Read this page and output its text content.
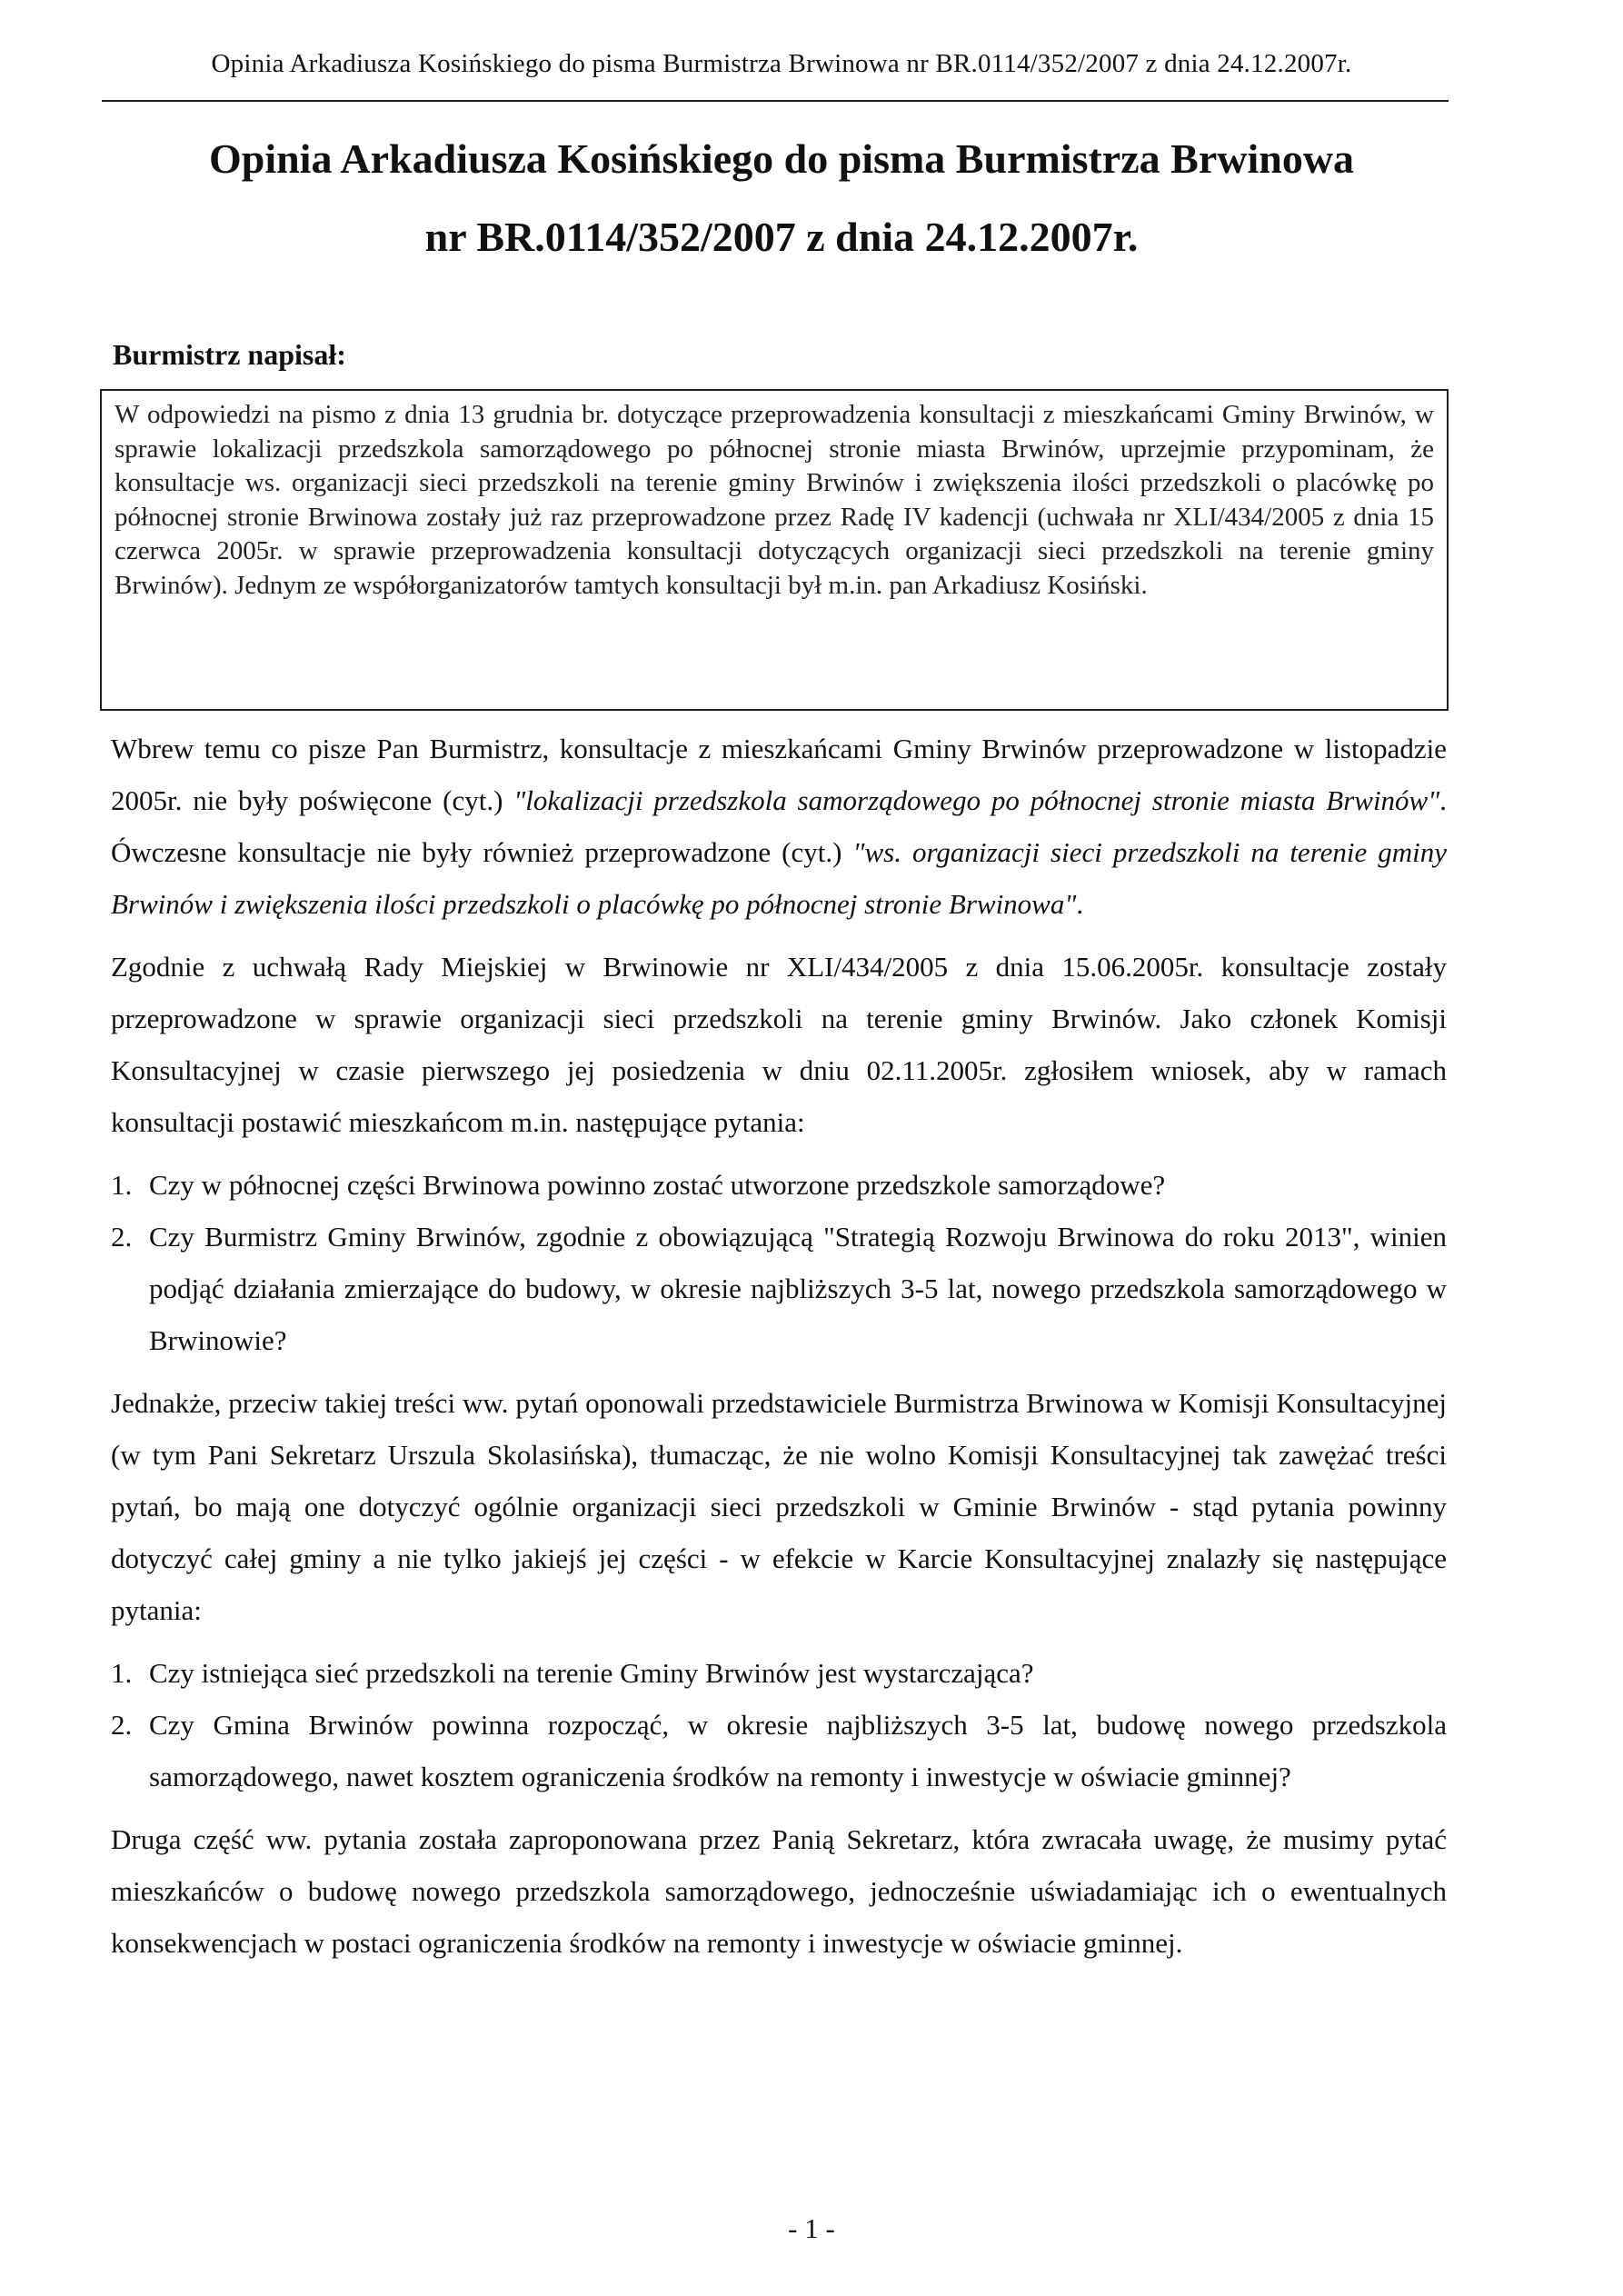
Opinia Arkadiusza Kosińskiego do pisma Burmistrza Brwinowa nr BR.0114/352/2007 z dnia 24.12.2007r.
Opinia Arkadiusza Kosińskiego do pisma Burmistrza Brwinowa
nr BR.0114/352/2007 z dnia 24.12.2007r.
Burmistrz napisał:
W odpowiedzi na pismo z dnia 13 grudnia br. dotyczące przeprowadzenia konsultacji z mieszkańcami Gminy Brwinów, w sprawie lokalizacji przedszkola samorządowego po północnej stronie miasta Brwinów, uprzejmie przypominam, że konsultacje ws. organizacji sieci przedszkoli na terenie gminy Brwinów i zwiększenia ilości przedszkoli o placówkę po północnej stronie Brwinowa zostały już raz przeprowadzone przez Radę IV kadencji (uchwała nr XLI/434/2005 z dnia 15 czerwca 2005r. w sprawie przeprowadzenia konsultacji dotyczących organizacji sieci przedszkoli na terenie gminy Brwinów). Jednym ze współorganizatorów tamtych konsultacji był m.in. pan Arkadiusz Kosiński.

Wbrew temu co pisze Pan Burmistrz, konsultacje z mieszkańcami Gminy Brwinów przeprowadzone w listopadzie 2005r. nie były poświęcone (cyt.) "lokalizacji przedszkola samorządowego po północnej stronie miasta Brwinów". Ówczesne konsultacje nie były również przeprowadzone (cyt.) "ws. organizacji sieci przedszkoli na terenie gminy Brwinów i zwiększenia ilości przedszkoli o placówkę po północnej stronie Brwinowa".

Zgodnie z uchwałą Rady Miejskiej w Brwinowie nr XLI/434/2005 z dnia 15.06.2005r. konsultacje zostały przeprowadzone w sprawie organizacji sieci przedszkoli na terenie gminy Brwinów. Jako członek Komisji Konsultacyjnej w czasie pierwszego jej posiedzenia w dniu 02.11.2005r. zgłosiłem wniosek, aby w ramach konsultacji postawić mieszkańcom m.in. następujące pytania:

1. Czy w północnej części Brwinowa powinno zostać utworzone przedszkole samorządowe?
2. Czy Burmistrz Gminy Brwinów, zgodnie z obowiązującą "Strategią Rozwoju Brwinowa do roku 2013", winien podjąć działania zmierzające do budowy, w okresie najbliższych 3-5 lat, nowego przedszkola samorządowego w Brwinowie?

Jednakże, przeciw takiej treści ww. pytań oponowali przedstawiciele Burmistrza Brwinowa w Komisji Konsultacyjnej (w tym Pani Sekretarz Urszula Skolasińska), tłumacząc, że nie wolno Komisji Konsultacyjnej tak zawężać treści pytań, bo mają one dotyczyć ogólnie organizacji sieci przedszkoli w Gminie Brwinów - stąd pytania powinny dotyczyć całej gminy a nie tylko jakiejś jej części - w efekcie w Karcie Konsultacyjnej znalazły się następujące pytania:

1. Czy istniejąca sieć przedszkoli na terenie Gminy Brwinów jest wystarczająca?
2. Czy Gmina Brwinów powinna rozpocząć, w okresie najbliższych 3-5 lat, budowę nowego przedszkola samorządowego, nawet kosztem ograniczenia środków na remonty i inwestycje w oświacie gminnej?

Druga część ww. pytania została zaproponowana przez Panią Sekretarz, która zwracała uwagę, że musimy pytać mieszkańców o budowę nowego przedszkola samorządowego, jednocześnie uświadamiając ich o ewentualnych konsekwencjach w postaci ograniczenia środków na remonty i inwestycje w oświacie gminnej.

- 1 -
